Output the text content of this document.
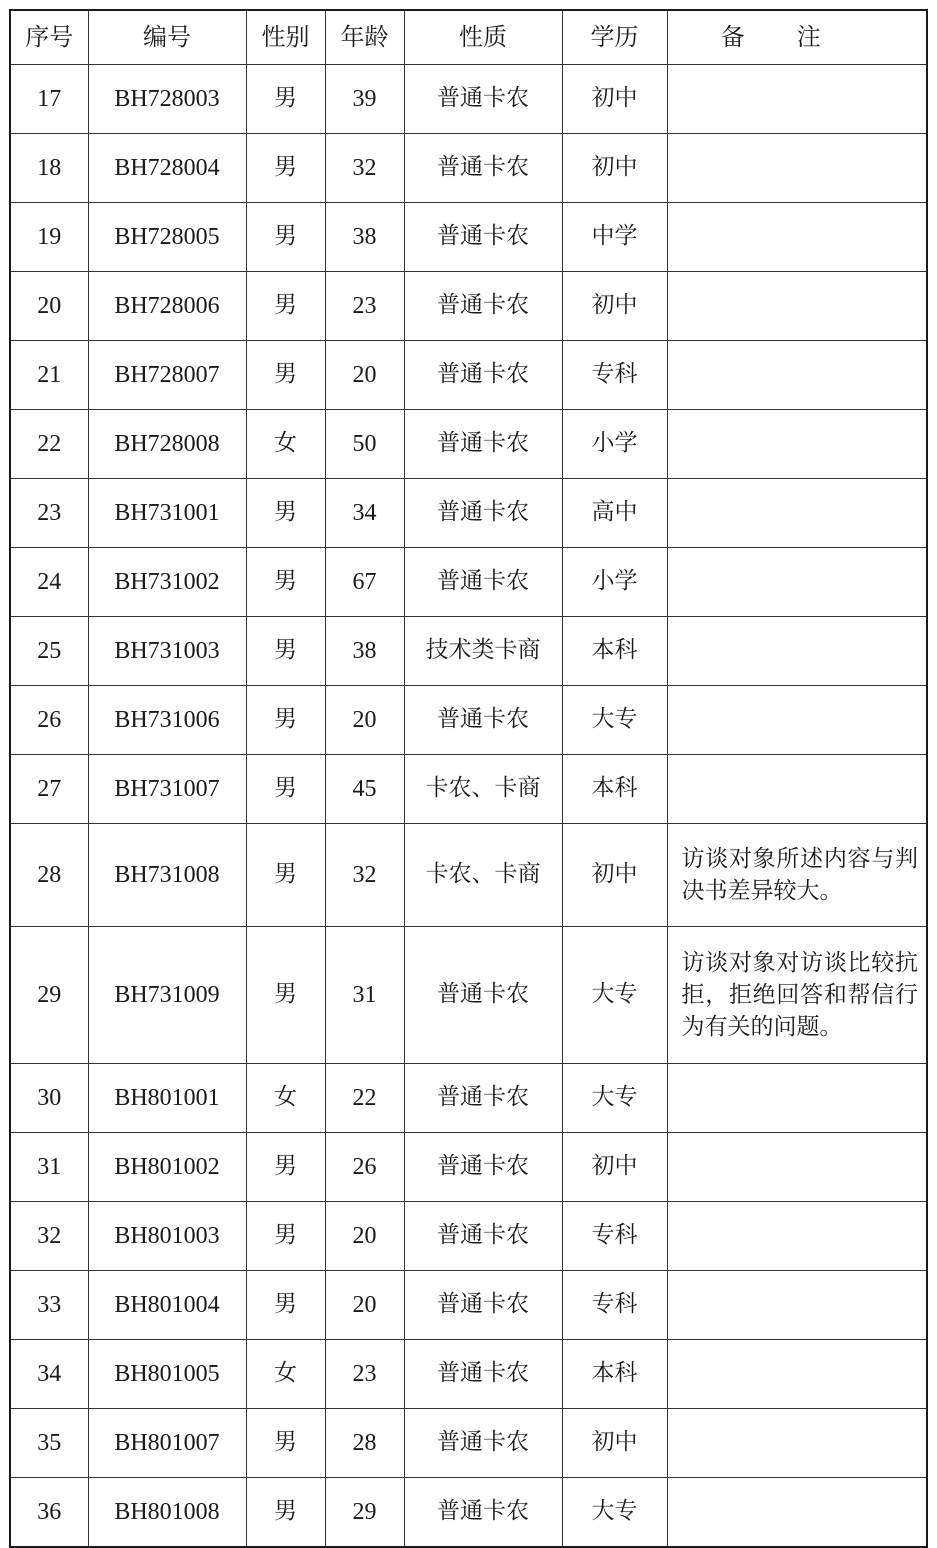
序号	编号	性别	年龄	性质	学历	备注
17	BH728003	男	39	普通卡农	初中	
18	BH728004	男	32	普通卡农	初中	
19	BH728005	男	38	普通卡农	中学	
20	BH728006	男	23	普通卡农	初中	
21	BH728007	男	20	普通卡农	专科	
22	BH728008	女	50	普通卡农	小学	
23	BH731001	男	34	普通卡农	高中	
24	BH731002	男	67	普通卡农	小学	
25	BH731003	男	38	技术类卡商	本科	
26	BH731006	男	20	普通卡农	大专	
27	BH731007	男	45	卡农、卡商	本科	
28	BH731008	男	32	卡农、卡商	初中	访谈对象所述内容与判决书差异较大。
29	BH731009	男	31	普通卡农	大专	访谈对象对访谈比较抗拒，拒绝回答和帮信行为有关的问题。
30	BH801001	女	22	普通卡农	大专	
31	BH801002	男	26	普通卡农	初中	
32	BH801003	男	20	普通卡农	专科	
33	BH801004	男	20	普通卡农	专科	
34	BH801005	女	23	普通卡农	本科	
35	BH801007	男	28	普通卡农	初中	
36	BH801008	男	29	普通卡农	大专	
